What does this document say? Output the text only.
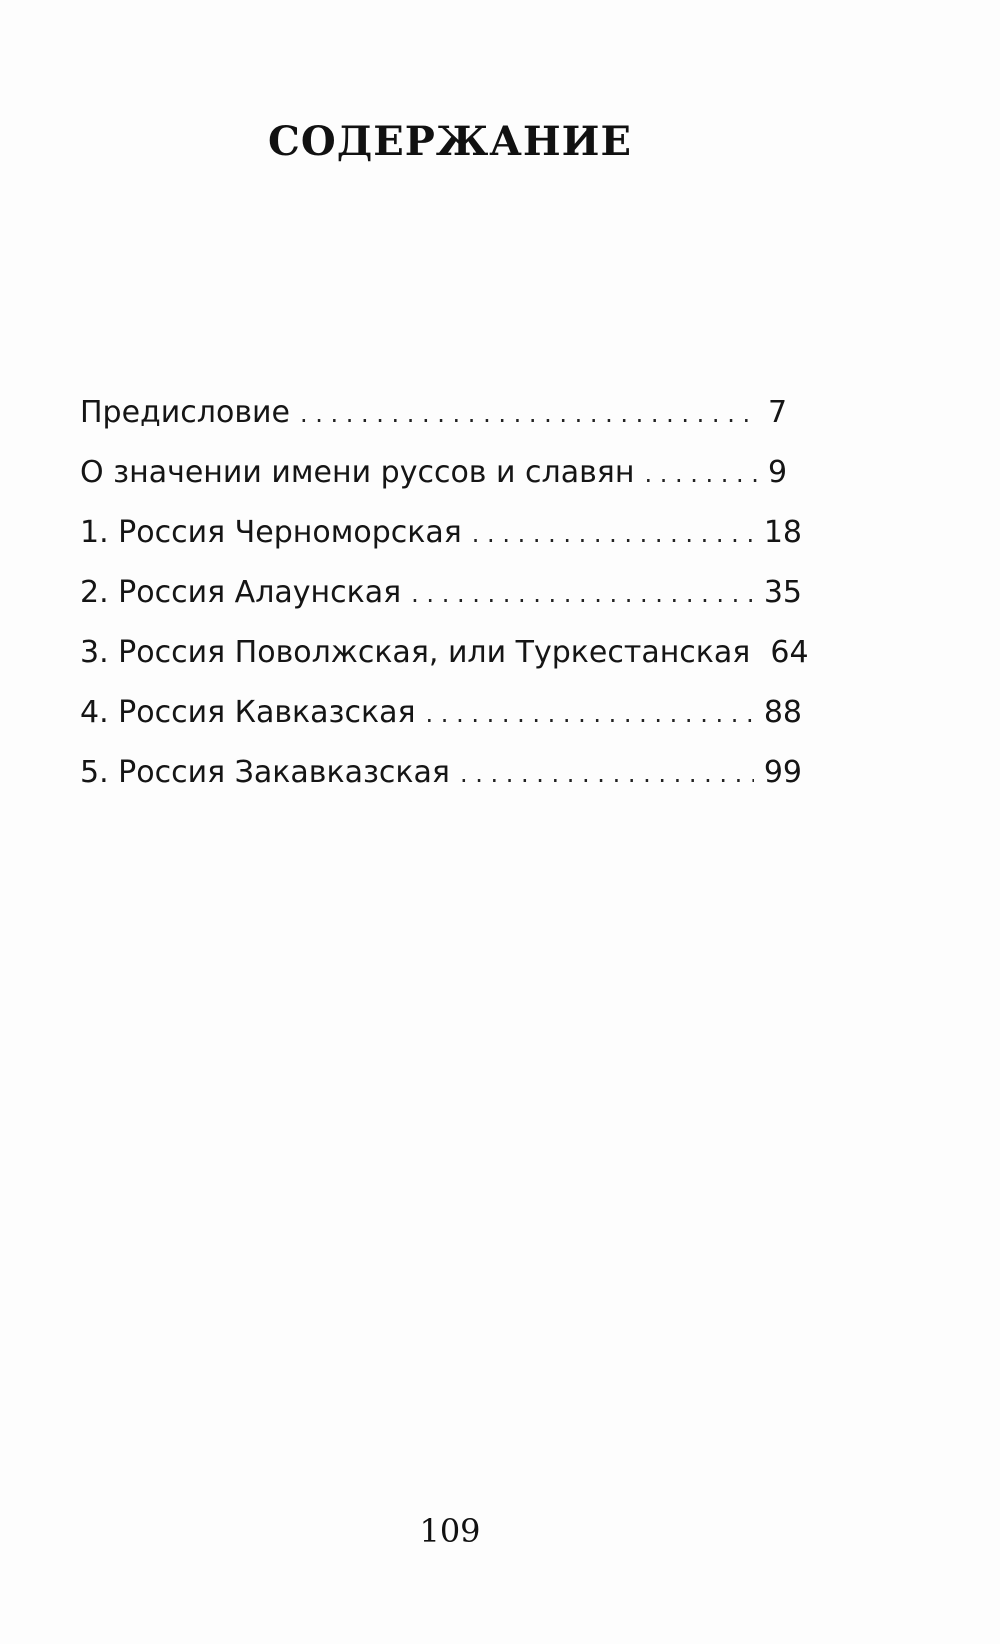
СОДЕРЖАНИЕ
Предисловие . . .	7
О значении имени руссов и славян . . .	9
1. Россия Черноморская . . .	18
2. Россия Алаунская . . .	35
3. Россия Поволжская, или Туркестанская 64
4. Россия Кавказская . . .	88
5. Россия Закавказская . . .	99
109
